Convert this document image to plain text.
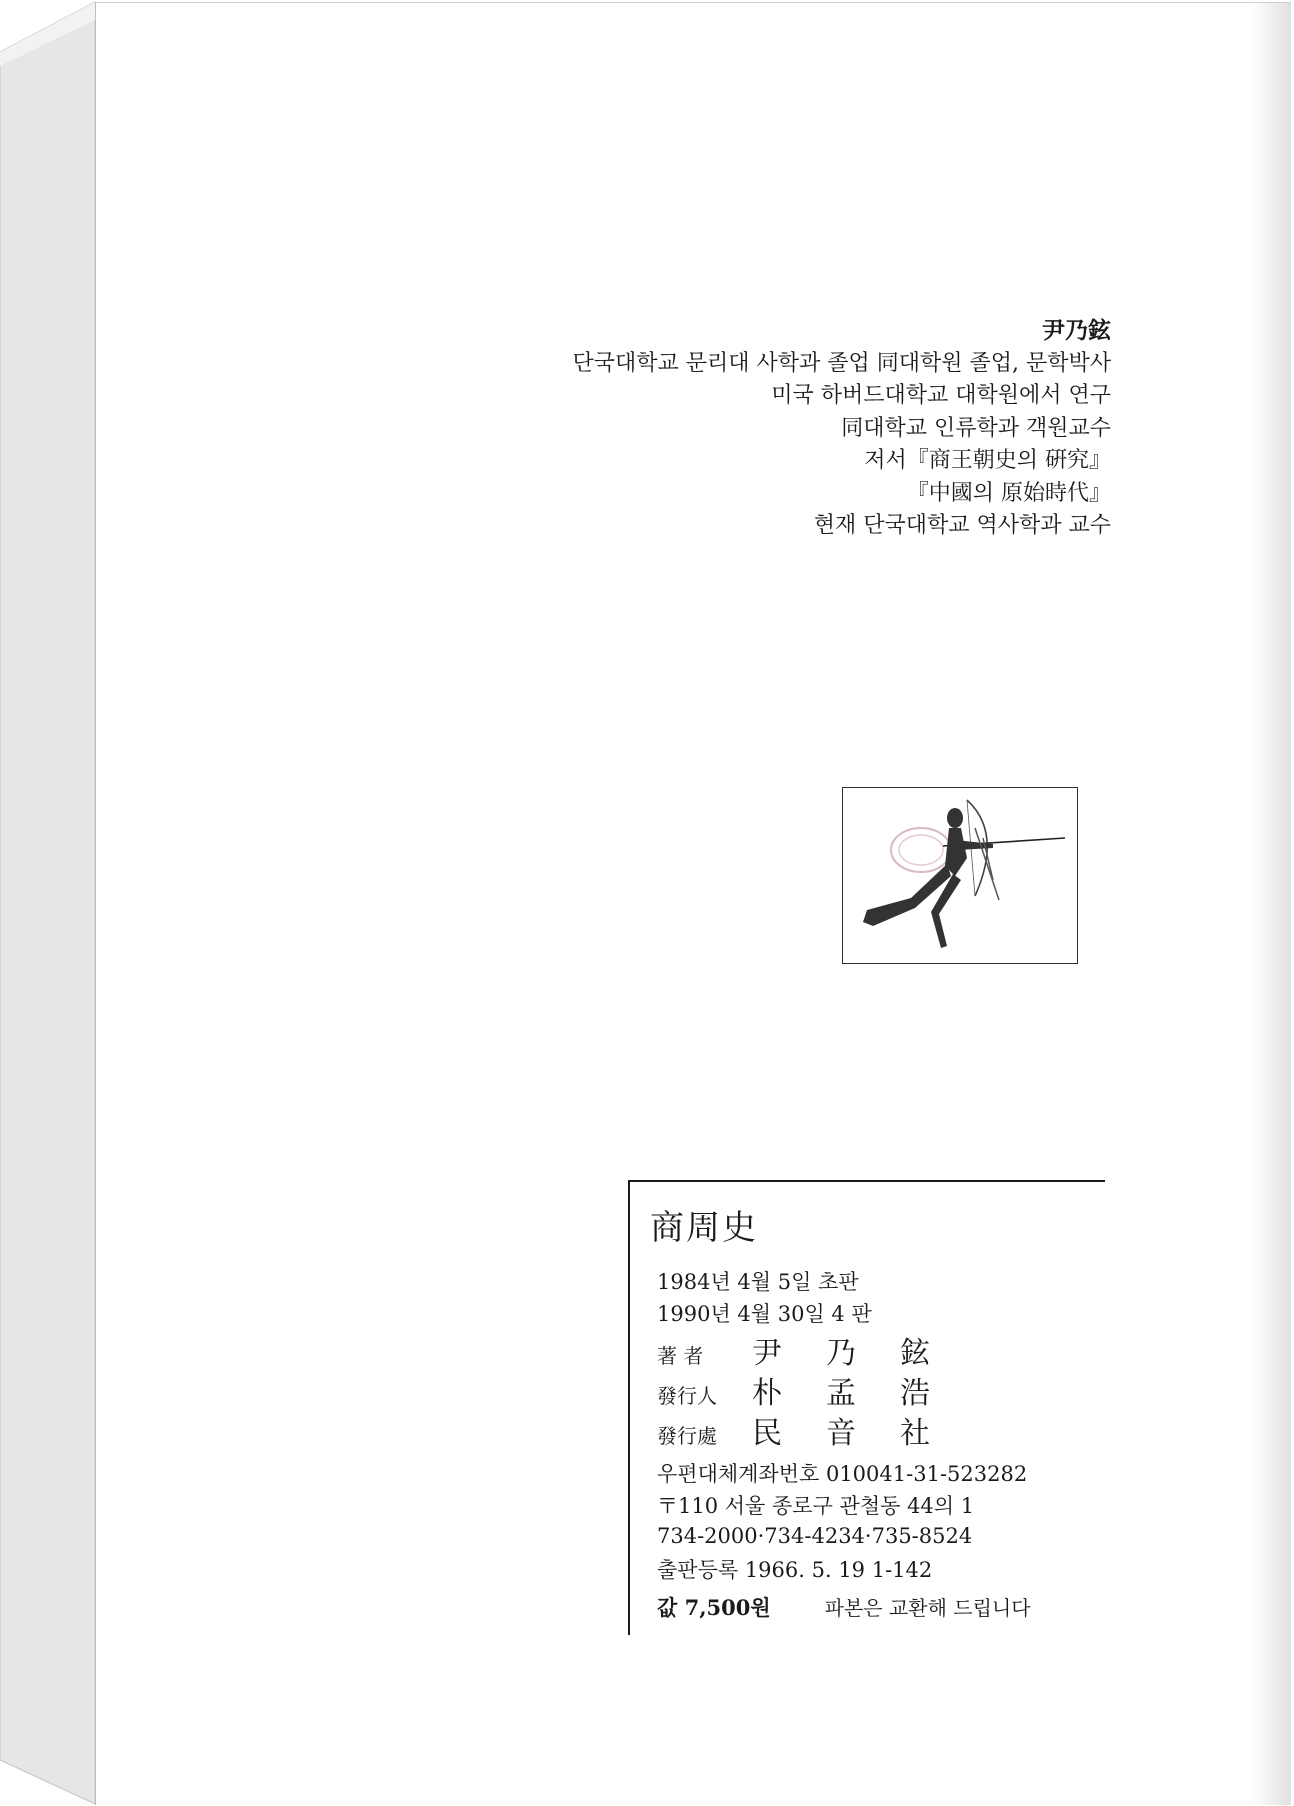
尹乃鉉
단국대학교 문리대 사학과 졸업 同대학원 졸업, 문학박사
미국 하버드대학교 대학원에서 연구
同대학교 인류학과 객원교수
저서『商王朝史의 硏究』
『中國의 原始時代』
현재 단국대학교 역사학과 교수
商周史
1984년 4월 5일 초판
1990년 4월 30일 4 판
著 者 尹乃鉉
發行人 朴孟浩
發行處 民音社
우편대체계좌번호 010041-31-523282
〒110 서울 종로구 관철동 44의 1
734-2000·734-4234·735-8524
출판등록 1966. 5. 19 1-142
값 7,500원	파본은 교환해 드립니다
